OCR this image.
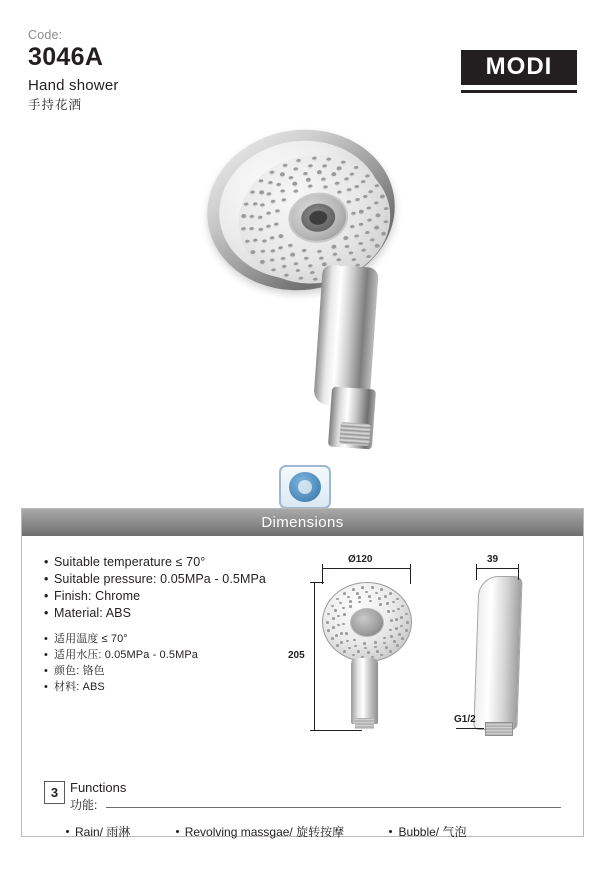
Code:
3046A
Hand shower
手持花洒
MODI
Dimensions
• Suitable temperature ≤ 70°
• Suitable pressure: 0.05MPa - 0.5MPa
• Finish: Chrome
• Material: ABS
• 适用温度 ≤ 70°
• 适用水压: 0.05MPa - 0.5MPa
• 颜色: 铬色
• 材料: ABS
Ø120
205
39
G1/2
3 Functions
功能:
Rain/ 雨淋	Revolving massgae/ 旋转按摩	Bubble/ 气泡
